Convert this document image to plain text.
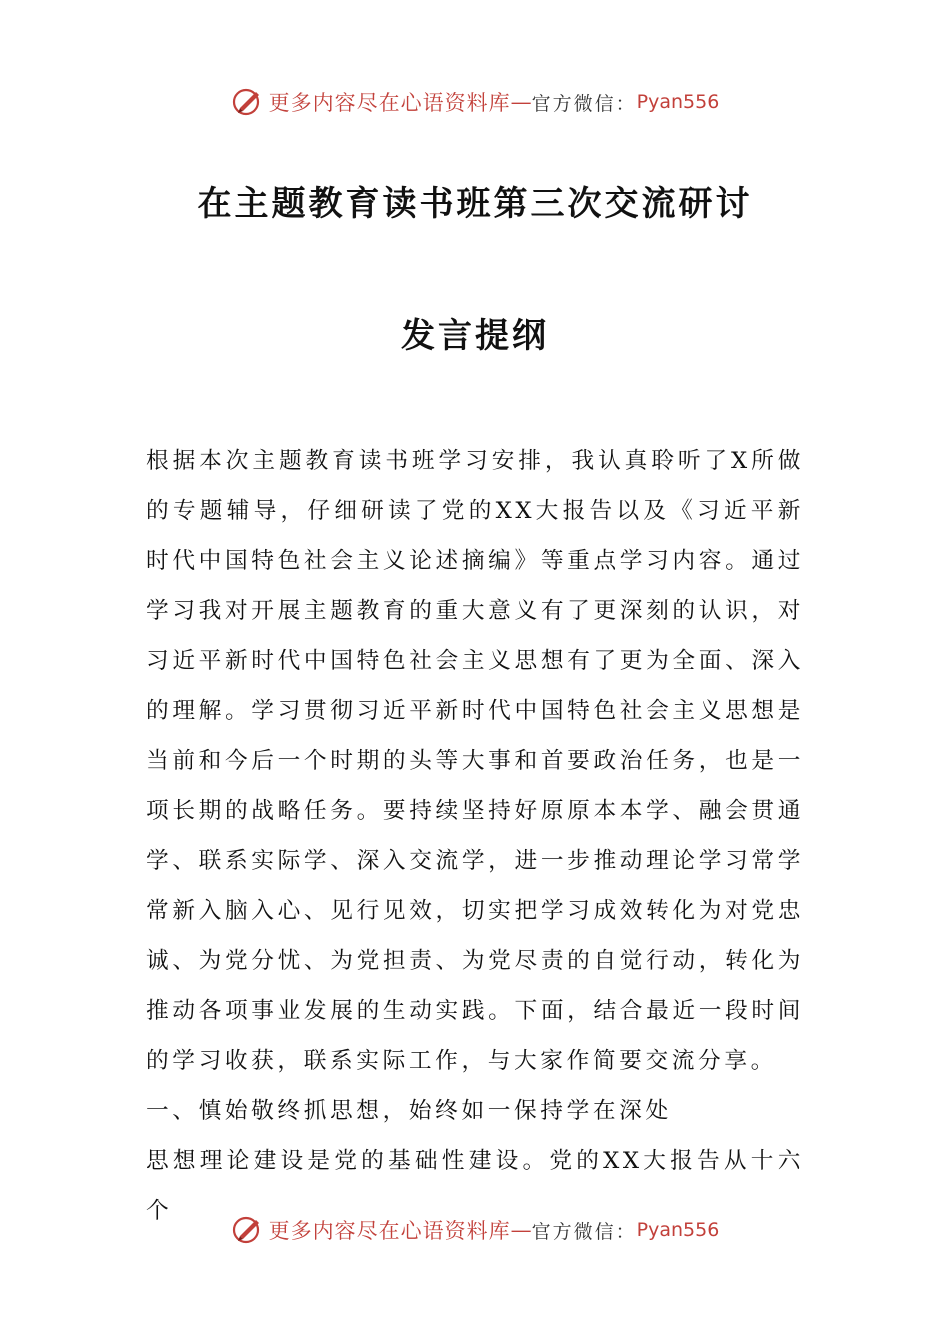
更多内容尽在心语资料库 — 官方微信： Pyan556
在主题教育读书班第三次交流研讨
发言提纲

根据本次主题教育读书班学习安排，我认真聆听了X所做的专题辅导，仔细研读了党的XX大报告以及《习近平新时代中国特色社会主义论述摘编》等重点学习内容。通过学习我对开展主题教育的重大意义有了更深刻的认识，对习近平新时代中国特色社会主义思想有了更为全面、深入的理解。学习贯彻习近平新时代中国特色社会主义思想是当前和今后一个时期的头等大事和首要政治任务，也是一项长期的战略任务。要持续坚持好原原本本学、融会贯通学、联系实际学、深入交流学，进一步推动理论学习常学常新入脑入心、见行见效，切实把学习成效转化为对党忠诚、为党分忧、为党担责、为党尽责的自觉行动，转化为推动各项事业发展的生动实践。下面，结合最近一段时间的学习收获，联系实际工作，与大家作简要交流分享。

一、慎始敬终抓思想，始终如一保持学在深处

思想理论建设是党的基础性建设。党的XX大报告从十六个

更多内容尽在心语资料库 — 官方微信： Pyan556
